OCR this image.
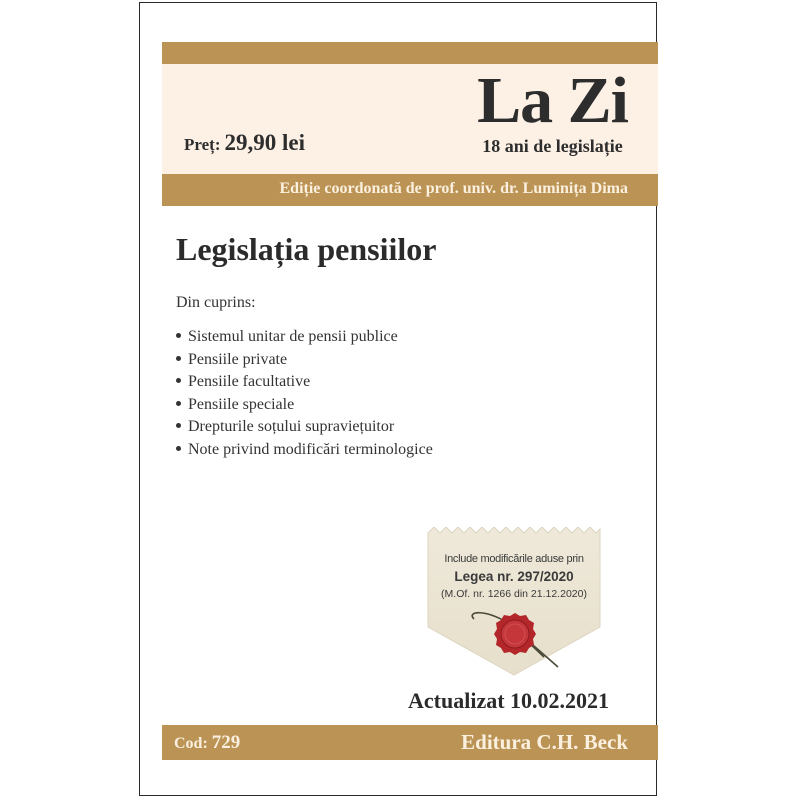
Preț: 29,90 lei
La Zi
18 ani de legislație
Ediție coordonată de prof. univ. dr. Luminița Dima
Legislația pensiilor
Din cuprins:
Sistemul unitar de pensii publice
Pensiile private
Pensiile facultative
Pensiile speciale
Drepturile soțului supraviețuitor
Note privind modificări terminologice
Include modificările aduse prin
Legea nr. 297/2020
(M.Of. nr. 1266 din 21.12.2020)
Actualizat 10.02.2021
Cod: 729	Editura C.H. Beck
